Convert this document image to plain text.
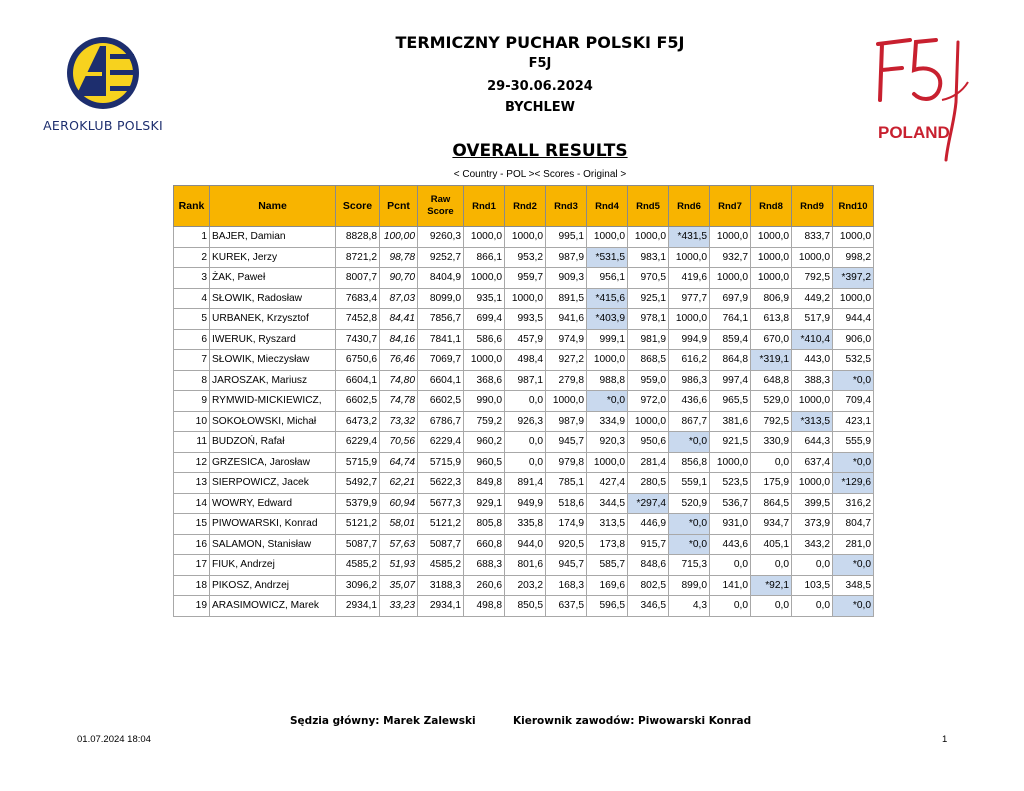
AEROKLUB POLSKI	POLAND
TERMICZNY PUCHAR POLSKI F5J
F5J
29-30.06.2024
BYCHLEW
OVERALL RESULTS
< Country - POL >< Scores - Original >
Rank	Name	Score	Pcnt	Raw Score	Rnd1	Rnd2	Rnd3	Rnd4	Rnd5	Rnd6	Rnd7	Rnd8	Rnd9	Rnd10
1	BAJER, Damian	8828,8	100,00	9260,3	1000,0	1000,0	995,1	1000,0	1000,0	*431,5	1000,0	1000,0	833,7	1000,0
2	KUREK, Jerzy	8721,2	98,78	9252,7	866,1	953,2	987,9	*531,5	983,1	1000,0	932,7	1000,0	1000,0	998,2
3	ŻAK, Paweł	8007,7	90,70	8404,9	1000,0	959,7	909,3	956,1	970,5	419,6	1000,0	1000,0	792,5	*397,2
4	SŁOWIK, Radosław	7683,4	87,03	8099,0	935,1	1000,0	891,5	*415,6	925,1	977,7	697,9	806,9	449,2	1000,0
5	URBANEK, Krzysztof	7452,8	84,41	7856,7	699,4	993,5	941,6	*403,9	978,1	1000,0	764,1	613,8	517,9	944,4
6	IWERUK, Ryszard	7430,7	84,16	7841,1	586,6	457,9	974,9	999,1	981,9	994,9	859,4	670,0	*410,4	906,0
7	SŁOWIK, Mieczysław	6750,6	76,46	7069,7	1000,0	498,4	927,2	1000,0	868,5	616,2	864,8	*319,1	443,0	532,5
8	JAROSZAK, Mariusz	6604,1	74,80	6604,1	368,6	987,1	279,8	988,8	959,0	986,3	997,4	648,8	388,3	*0,0
9	RYMWID-MICKIEWICZ,	6602,5	74,78	6602,5	990,0	0,0	1000,0	*0,0	972,0	436,6	965,5	529,0	1000,0	709,4
10	SOKOŁOWSKI, Michał	6473,2	73,32	6786,7	759,2	926,3	987,9	334,9	1000,0	867,7	381,6	792,5	*313,5	423,1
11	BUDZOŃ, Rafał	6229,4	70,56	6229,4	960,2	0,0	945,7	920,3	950,6	*0,0	921,5	330,9	644,3	555,9
12	GRZESICA, Jarosław	5715,9	64,74	5715,9	960,5	0,0	979,8	1000,0	281,4	856,8	1000,0	0,0	637,4	*0,0
13	SIERPOWICZ, Jacek	5492,7	62,21	5622,3	849,8	891,4	785,1	427,4	280,5	559,1	523,5	175,9	1000,0	*129,6
14	WOWRY, Edward	5379,9	60,94	5677,3	929,1	949,9	518,6	344,5	*297,4	520,9	536,7	864,5	399,5	316,2
15	PIWOWARSKI, Konrad	5121,2	58,01	5121,2	805,8	335,8	174,9	313,5	446,9	*0,0	931,0	934,7	373,9	804,7
16	SALAMON, Stanisław	5087,7	57,63	5087,7	660,8	944,0	920,5	173,8	915,7	*0,0	443,6	405,1	343,2	281,0
17	FIUK, Andrzej	4585,2	51,93	4585,2	688,3	801,6	945,7	585,7	848,6	715,3	0,0	0,0	0,0	*0,0
18	PIKOSZ, Andrzej	3096,2	35,07	3188,3	260,6	203,2	168,3	169,6	802,5	899,0	141,0	*92,1	103,5	348,5
19	ARASIMOWICZ, Marek	2934,1	33,23	2934,1	498,8	850,5	637,5	596,5	346,5	4,3	0,0	0,0	0,0	*0,0
Sędzia główny: Marek Zalewski	Kierownik zawodów: Piwowarski Konrad
01.07.2024 18:04	1
